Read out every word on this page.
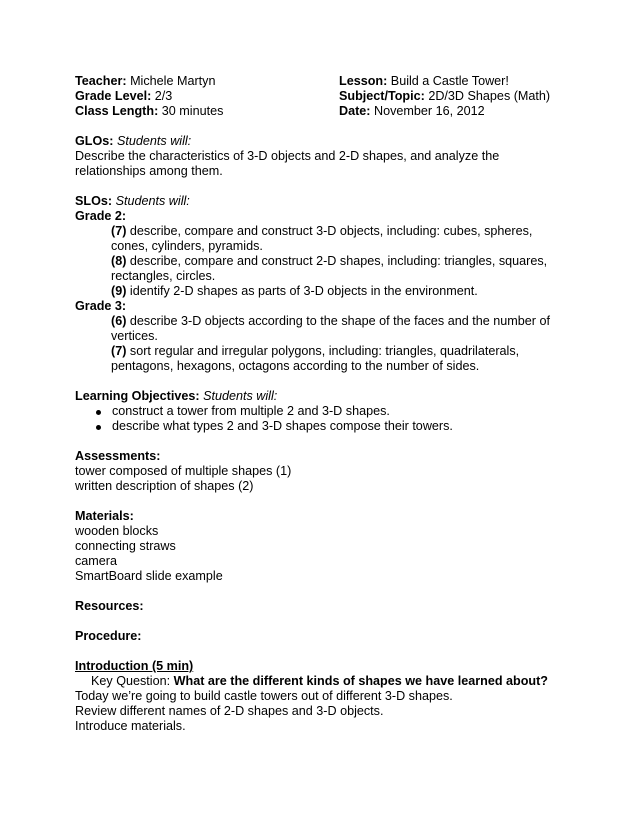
Teacher: Michele Martyn
Grade Level: 2/3
Class Length: 30 minutes
Lesson: Build a Castle Tower!
Subject/Topic: 2D/3D Shapes (Math)
Date: November 16, 2012
GLOs: Students will:
Describe the characteristics of 3-D objects and 2-D shapes, and analyze the
relationships among them.
SLOs: Students will:
Grade 2:
(7) describe, compare and construct 3-D objects, including: cubes, spheres,
cones, cylinders, pyramids.
(8) describe, compare and construct 2-D shapes, including: triangles, squares,
rectangles, circles.
(9) identify 2-D shapes as parts of 3-D objects in the environment.
Grade 3:
(6) describe 3-D objects according to the shape of the faces and the number of
vertices.
(7) sort regular and irregular polygons, including: triangles, quadrilaterals,
pentagons, hexagons, octagons according to the number of sides.
Learning Objectives: Students will:
construct a tower from multiple 2 and 3-D shapes.
describe what types 2 and 3-D shapes compose their towers.
Assessments:
tower composed of multiple shapes (1)
written description of shapes (2)
Materials:
wooden blocks
connecting straws
camera
SmartBoard slide example
Resources:
Procedure:
Introduction (5 min)
Key Question: What are the different kinds of shapes we have learned about?
Today we’re going to build castle towers out of different 3-D shapes.
Review different names of 2-D shapes and 3-D objects.
Introduce materials.
